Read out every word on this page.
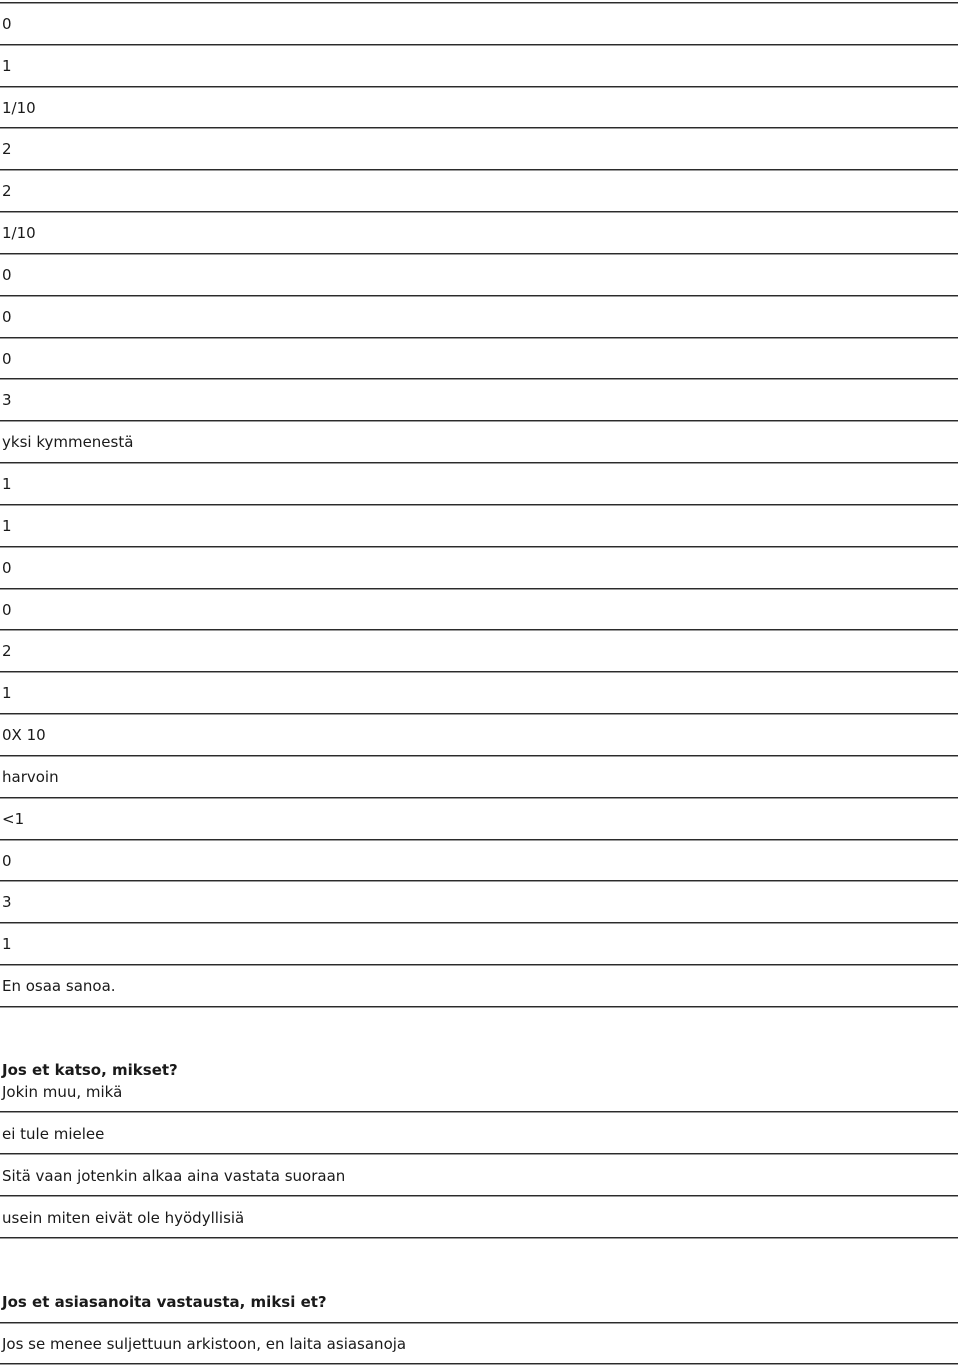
0
1
1/10
2
2
1/10
0
0
0
3
yksi kymmenestä
1
1
0
0
2
1
0X 10
harvoin
<1
0
3
1
En osaa sanoa.
Jos et katso, mikset?
Jokin muu, mikä
ei tule mielee
Sitä vaan jotenkin alkaa aina vastata suoraan
usein miten eivät ole hyödyllisiä
Jos et asiasanoita vastausta, miksi et?
Jos se menee suljettuun arkistoon, en laita asiasanoja
